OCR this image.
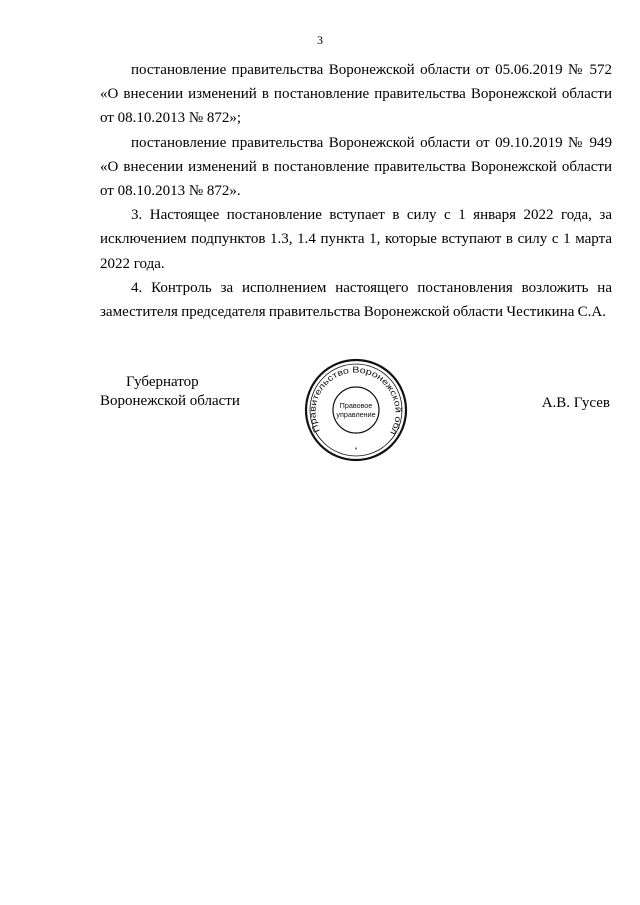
3

постановление правительства Воронежской области от 05.06.2019 № 572 «О внесении изменений в постановление правительства Воронежской области от 08.10.2013 № 872»;

постановление правительства Воронежской области от 09.10.2019 № 949 «О внесении изменений в постановление правительства Воронежской области от 08.10.2013 № 872».

3. Настоящее постановление вступает в силу с 1 января 2022 года, за исключением подпунктов 1.3, 1.4 пункта 1, которые вступают в силу с 1 марта 2022 года.

4. Контроль за исполнением настоящего постановления возложить на заместителя председателя правительства Воронежской области Честикина С.А.

Губернатор
Воронежской области	А.В. Гусев
Правительство Воронежской обл
Правовое
управление
*
